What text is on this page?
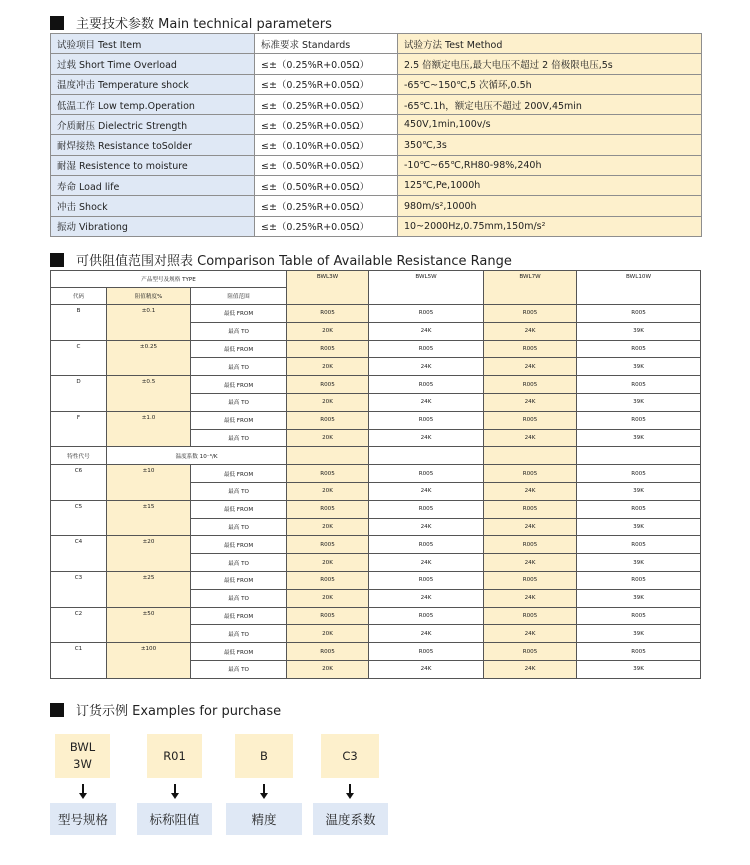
主要技术参数 Main technical parameters
试验项目 Test Item	标准要求 Standards	试验方法 Test Method
过载 Short Time Overload	≤±（0.25%R+0.05Ω）	2.5 倍额定电压,最大电压不超过 2 倍极限电压,5s
温度冲击 Temperature shock	≤±（0.25%R+0.05Ω）	-65℃~150℃,5 次循环,0.5h
低温工作 Low temp.Operation	≤±（0.25%R+0.05Ω）	-65℃.1h，额定电压不超过 200V,45min
介质耐压 Dielectric Strength	≤±（0.25%R+0.05Ω）	450V,1min,100v/s
耐焊接热 Resistance toSolder	≤±（0.10%R+0.05Ω）	350℃,3s
耐湿 Resistence to moisture	≤±（0.50%R+0.05Ω）	-10℃~65℃,RH80-98%,240h
寿命 Load life	≤±（0.50%R+0.05Ω）	125℃,Pe,1000h
冲击 Shock	≤±（0.25%R+0.05Ω）	980m/s²,1000h
振动 Vibrationg	≤±（0.25%R+0.05Ω）	10~2000Hz,0.75mm,150m/s²
可供阻值范围对照表 Comparison Table of Available Resistance Range
产品型号及规格 TYPE			BWL3W	BWL5W	BWL7W	BWL10W
代码	阻值精度%	阻值范围				
B	±0.1	最低 FROM	R005	R005	R005	R005
		最高 TO	20K	24K	24K	39K
C	±0.25	最低 FROM	R005	R005	R005	R005
		最高 TO	20K	24K	24K	39K
D	±0.5	最低 FROM	R005	R005	R005	R005
		最高 TO	20K	24K	24K	39K
F	±1.0	最低 FROM	R005	R005	R005	R005
		最高 TO	20K	24K	24K	39K
特性代号	温度系数 10⁻⁶/K					
C6	±10	最低 FROM	R005	R005	R005	R005
		最高 TO	20K	24K	24K	39K
C5	±15	最低 FROM	R005	R005	R005	R005
		最高 TO	20K	24K	24K	39K
C4	±20	最低 FROM	R005	R005	R005	R005
		最高 TO	20K	24K	24K	39K
C3	±25	最低 FROM	R005	R005	R005	R005
		最高 TO	20K	24K	24K	39K
C2	±50	最低 FROM	R005	R005	R005	R005
		最高 TO	20K	24K	24K	39K
C1	±100	最低 FROM	R005	R005	R005	R005
		最高 TO	20K	24K	24K	39K
订货示例 Examples for purchase
BWL 3W
R01	B	C3
型号规格	标称阻值	精度	温度系数
